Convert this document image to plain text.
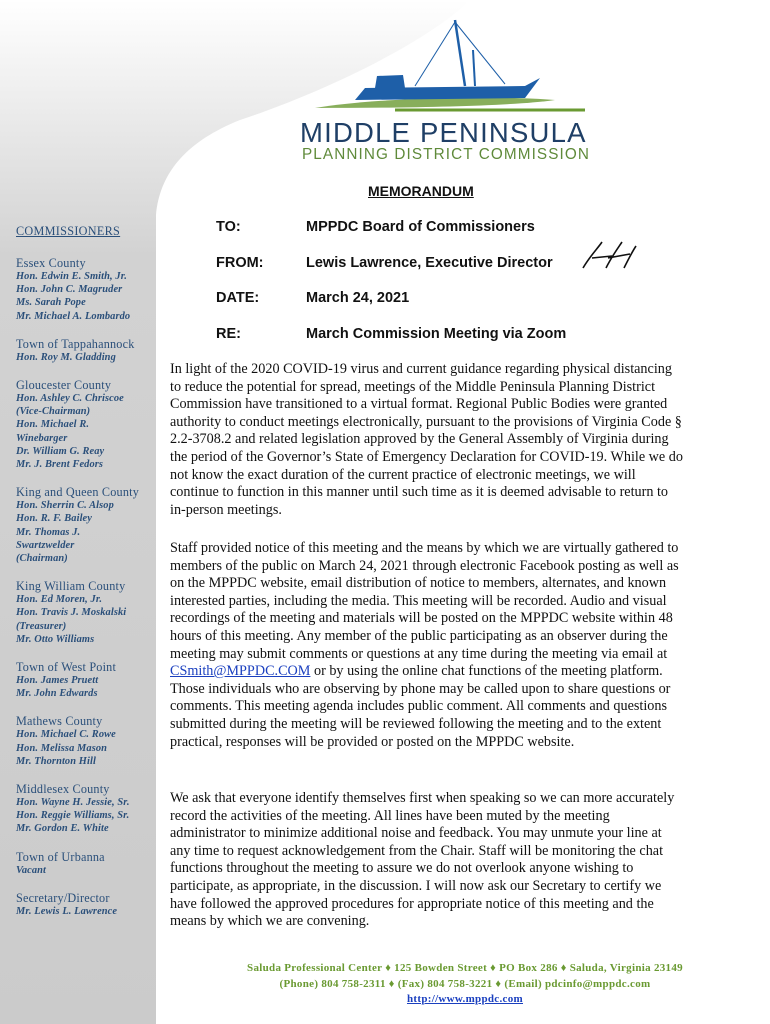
MIDDLE PENINSULA
PLANNING DISTRICT COMMISSION
MEMORANDUM
TO:	MPPDC Board of Commissioners
FROM:	Lewis Lawrence, Executive Director
DATE:	March 24, 2021
RE:	March Commission Meeting via Zoom
In light of the 2020 COVID-19 virus and current guidance regarding physical distancing to reduce the potential for spread, meetings of the Middle Peninsula Planning District Commission have transitioned to a virtual format. Regional Public Bodies were granted authority to conduct meetings electronically, pursuant to the provisions of Virginia Code § 2.2-3708.2 and related legislation approved by the General Assembly of Virginia during the period of the Governor’s State of Emergency Declaration for COVID-19. While we do not know the exact duration of the current practice of electronic meetings, we will continue to function in this manner until such time as it is deemed advisable to return to in-person meetings.
Staff provided notice of this meeting and the means by which we are virtually gathered to members of the public on March 24, 2021 through electronic Facebook posting as well as on the MPPDC website, email distribution of notice to members, alternates, and known interested parties, including the media. This meeting will be recorded. Audio and visual recordings of the meeting and materials will be posted on the MPPDC website within 48 hours of this meeting. Any member of the public participating as an observer during the meeting may submit comments or questions at any time during the meeting via email at CSmith@MPPDC.COM or by using the online chat functions of the meeting platform. Those individuals who are observing by phone may be called upon to share questions or comments. This meeting agenda includes public comment. All comments and questions submitted during the meeting will be reviewed following the meeting and to the extent practical, responses will be provided or posted on the MPPDC website.
We ask that everyone identify themselves first when speaking so we can more accurately record the activities of the meeting. All lines have been muted by the meeting administrator to minimize additional noise and feedback. You may unmute your line at any time to request acknowledgement from the Chair. Staff will be monitoring the chat functions throughout the meeting to assure we do not overlook anyone wishing to participate, as appropriate, in the discussion. I will now ask our Secretary to certify we have followed the approved procedures for appropriate notice of this meeting and the means by which we are convening.
COMMISSIONERS
Essex County
Hon. Edwin E. Smith, Jr.
Hon. John C. Magruder
Ms. Sarah Pope
Mr. Michael A. Lombardo
Town of Tappahannock
Hon. Roy M. Gladding
Gloucester County
Hon. Ashley C. Chriscoe
(Vice-Chairman)
Hon. Michael R.
Winebarger
Dr. William G. Reay
Mr. J. Brent Fedors
King and Queen County
Hon. Sherrin C. Alsop
Hon. R. F. Bailey
Mr. Thomas J.
Swartzwelder
(Chairman)
King William County
Hon. Ed Moren, Jr.
Hon. Travis J. Moskalski
(Treasurer)
Mr. Otto Williams
Town of West Point
Hon. James Pruett
Mr. John Edwards
Mathews County
Hon. Michael C. Rowe
Hon. Melissa Mason
Mr. Thornton Hill
Middlesex County
Hon. Wayne H. Jessie, Sr.
Hon. Reggie Williams, Sr.
Mr. Gordon E. White
Town of Urbanna
Vacant
Secretary/Director
Mr. Lewis L. Lawrence
Saluda Professional Center ♦ 125 Bowden Street ♦ PO Box 286 ♦ Saluda, Virginia 23149
(Phone) 804 758-2311 ♦ (Fax) 804 758-3221 ♦ (Email) pdcinfo@mppdc.com
http://www.mppdc.com
